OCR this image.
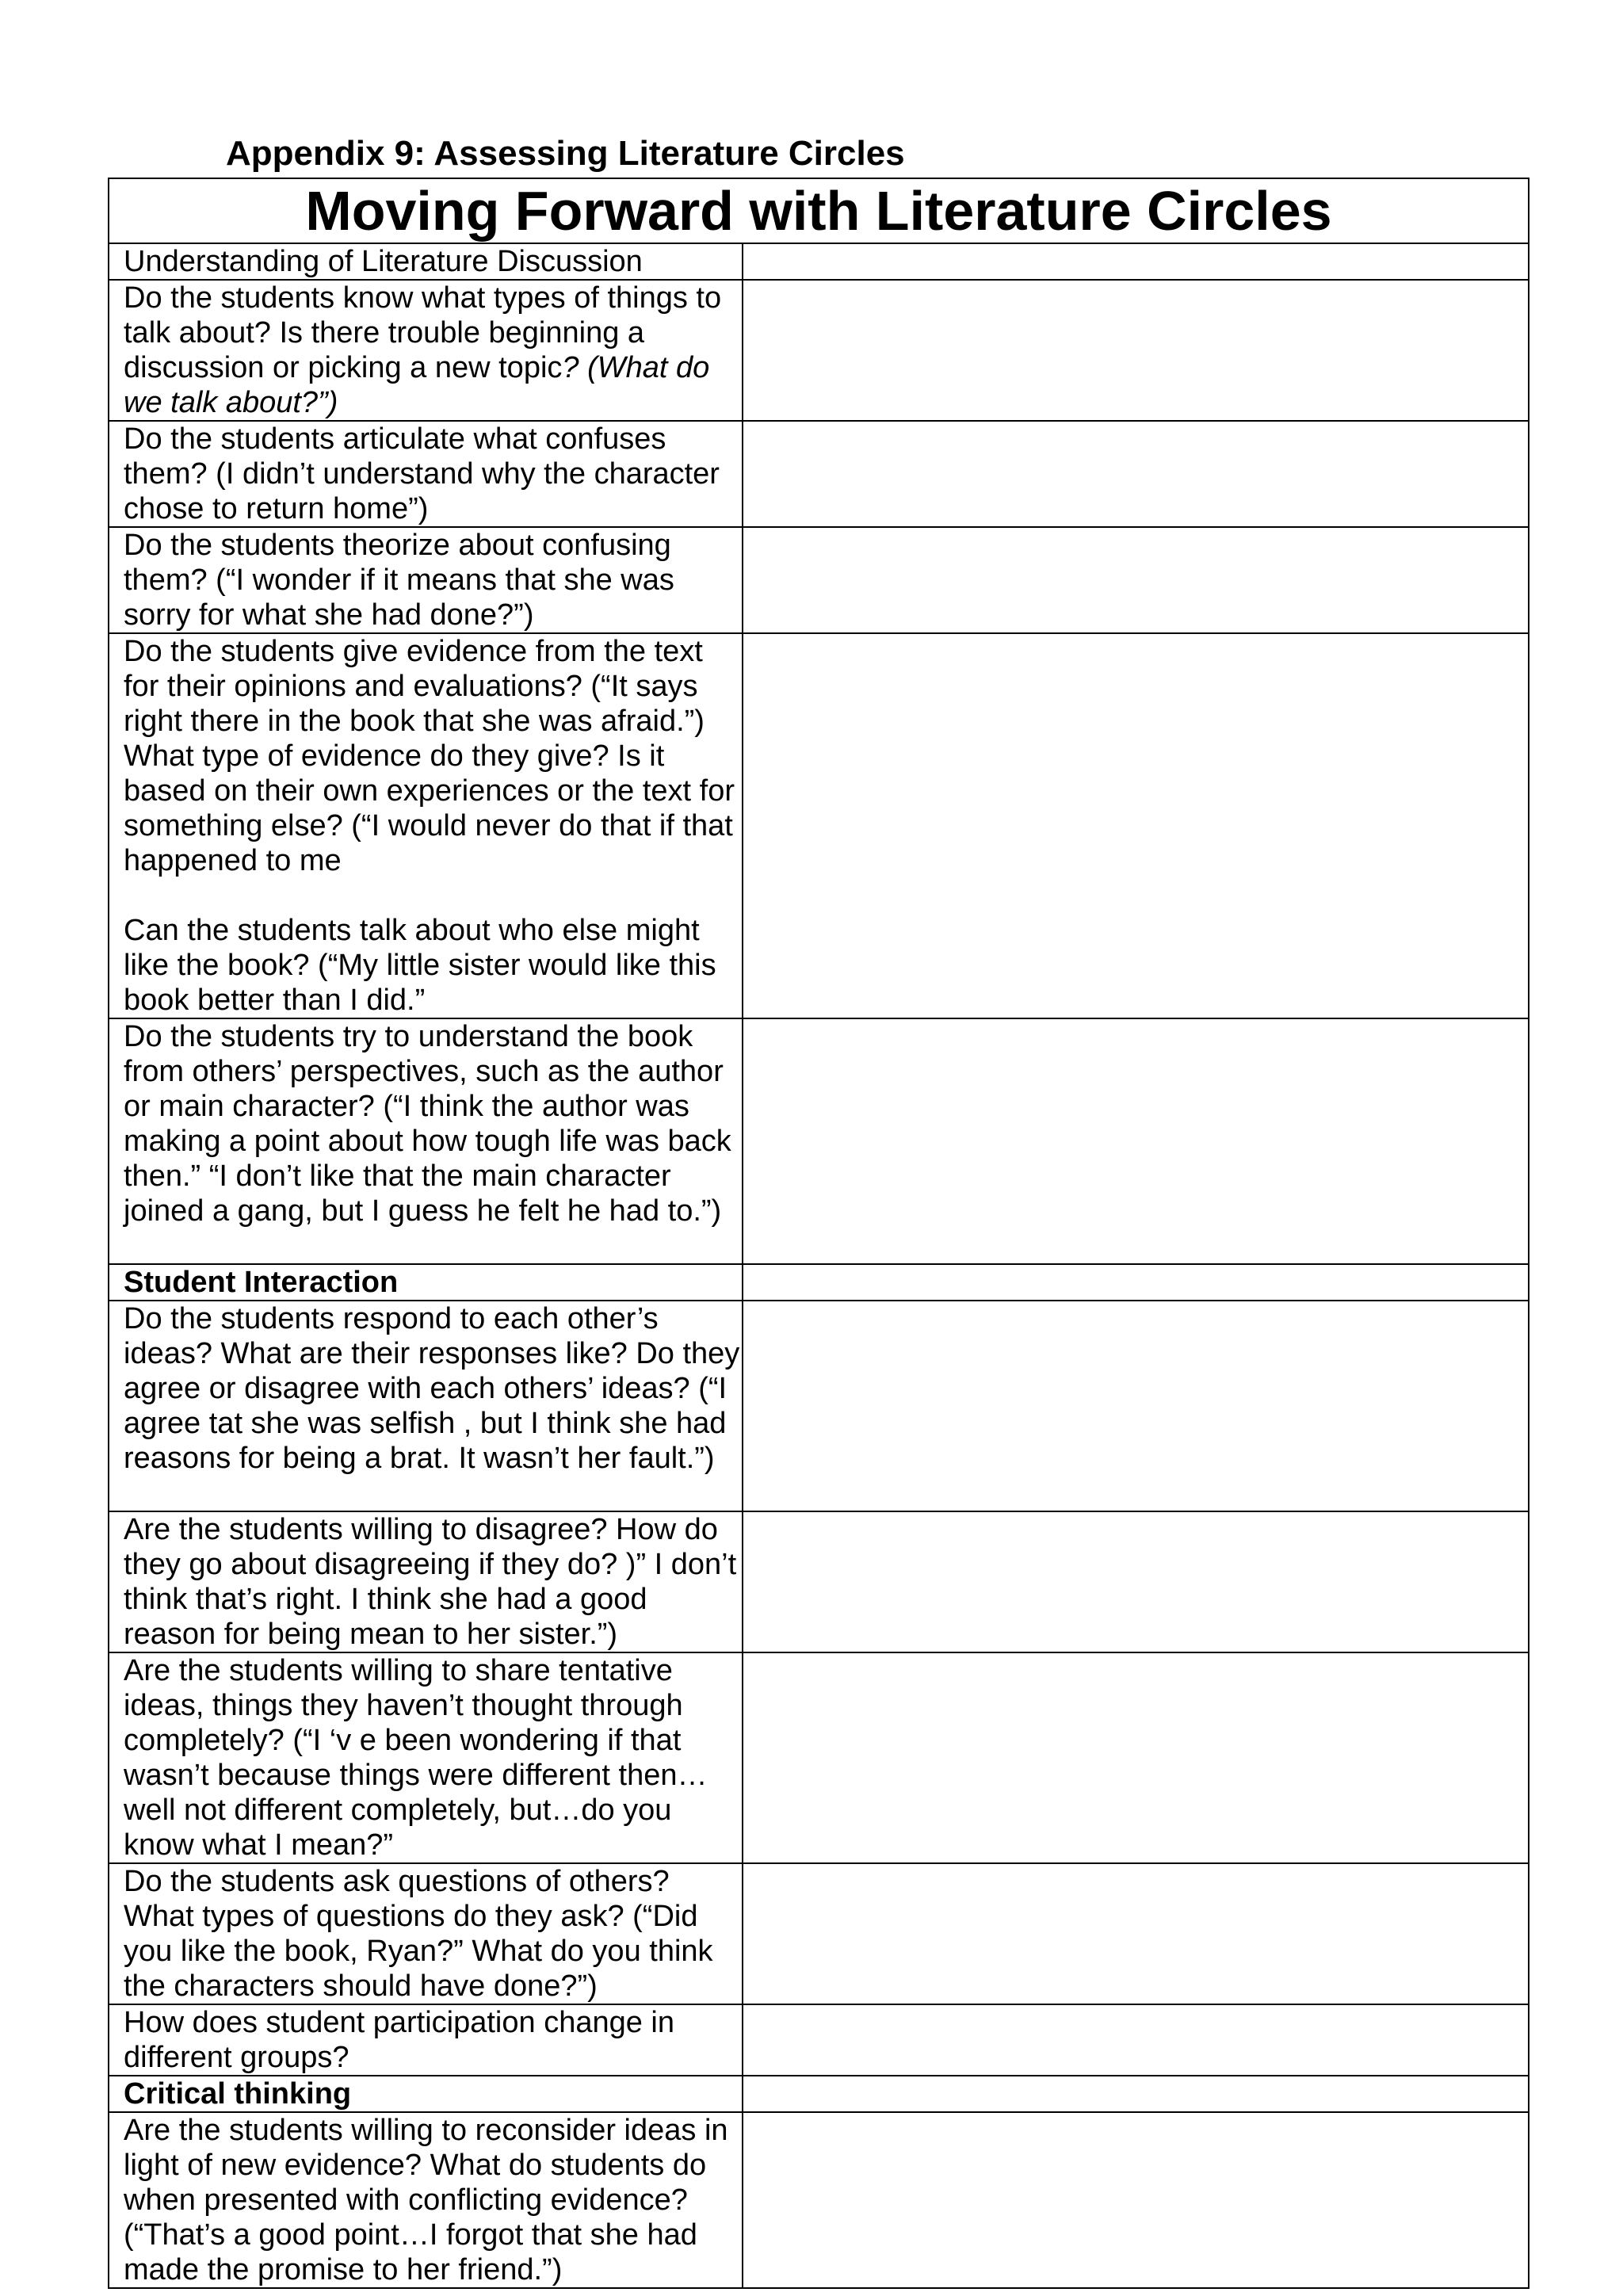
Appendix 9: Assessing Literature Circles
Moving Forward with Literature Circles	
Understanding of Literature Discussion	
Do the students know what types of things to talk about? Is there trouble beginning a discussion or picking a new topic? (What do we talk about?”)	
Do the students articulate what confuses them? (I didn’t understand why the character chose to return home”)	
Do the students theorize about confusing them? (“I wonder if it means that she was sorry for what she had done?”)	
Do the students give evidence from the text for their opinions and evaluations? (“It says right there in the book that she was afraid.”) What type of evidence do they give? Is it based on their own experiences or the text for something else? (“I would never do that if that happened to me
Can the students talk about who else might like the book? (“My little sister would like this book better than I did.”	
Do the students try to understand the book from others’ perspectives, such as the author or main character? (“I think the author was making a point about how tough life was back then.” “I don’t like that the main character joined a gang, but I guess he felt he had to.”)	
Student Interaction	
Do the students respond to each other’s ideas? What are their responses like? Do they agree or disagree with each others’ ideas? (“I agree tat she was selfish , but I think she had reasons for being a brat. It wasn’t her fault.”)	
Are the students willing to disagree? How do they go about disagreeing if they do? )” I don’t think that’s right. I think she had a good reason for being mean to her sister.”)	
Are the students willing to share tentative ideas, things they haven’t thought through completely? (“I ‘v e been wondering if that wasn’t because things were different then…well not different completely, but…do you know what I mean?”	
Do the students ask questions of others? What types of questions do they ask? (“Did you like the book, Ryan?” What do you think the characters should have done?”)	
How does student participation change in different groups?	
Critical thinking	
Are the students willing to reconsider ideas in light of new evidence? What do students do when presented with conflicting evidence?(“That’s a good point…I forgot that she had made the promise to her friend.”)	
